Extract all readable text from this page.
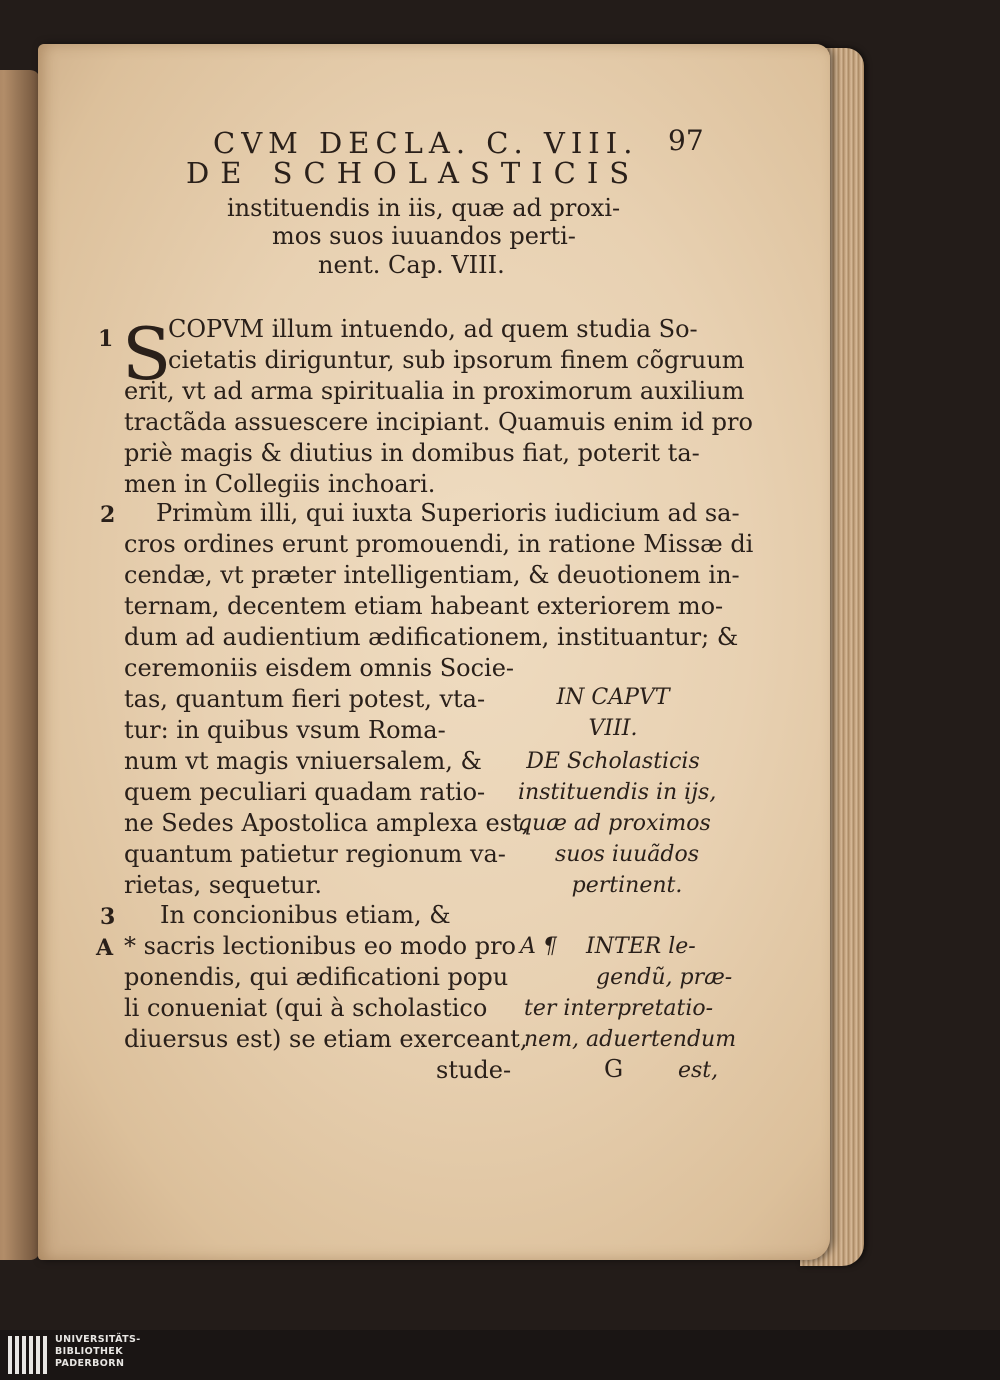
CVM DECLA. C. VIII. 97
DE SCHOLASTICIS
instituendis in iis, quæ ad proxi-
mos suos iuuandos perti-
nent. Cap. VIII.
1 S
COPVM illum intuendo, ad quem studia So-
cietatis diriguntur, sub ipsorum finem cõgruum
erit, vt ad arma spiritualia in proximorum auxilium
tractãda assuescere incipiant. Quamuis enim id pro
priè magis & diutius in domibus fiat, poterit ta-
men in Collegiis inchoari.
2 Primùm illi, qui iuxta Superioris iudicium ad sa-
cros ordines erunt promouendi, in ratione Missæ di
cendæ, vt præter intelligentiam, & deuotionem in-
ternam, decentem etiam habeant exteriorem mo-
dum ad audientium ædificationem, instituantur; &
ceremoniis eisdem omnis Socie-
tas, quantum fieri potest, vta-
tur: in quibus vsum Roma-
num vt magis vniuersalem, &
quem peculiari quadam ratio-
ne Sedes Apostolica amplexa est,
quantum patietur regionum va-
rietas, sequetur.
IN CAPVT
VIII.
DE Scholasticis
instituendis in ijs,
quæ ad proximos
suos iuuãdos
pertinent.
3
A
In concionibus etiam, &
* sacris lectionibus eo modo pro
ponendis, qui ædificationi popu
li conueniat (qui à scholastico
diuersus est) se etiam exerceant,
stude-
A ¶ INTER le-
gendũ, præ-
ter interpretatio-
nem, aduertendum
G est,
UNIVERSITÄTS-
BIBLIOTHEK
PADERBORN
